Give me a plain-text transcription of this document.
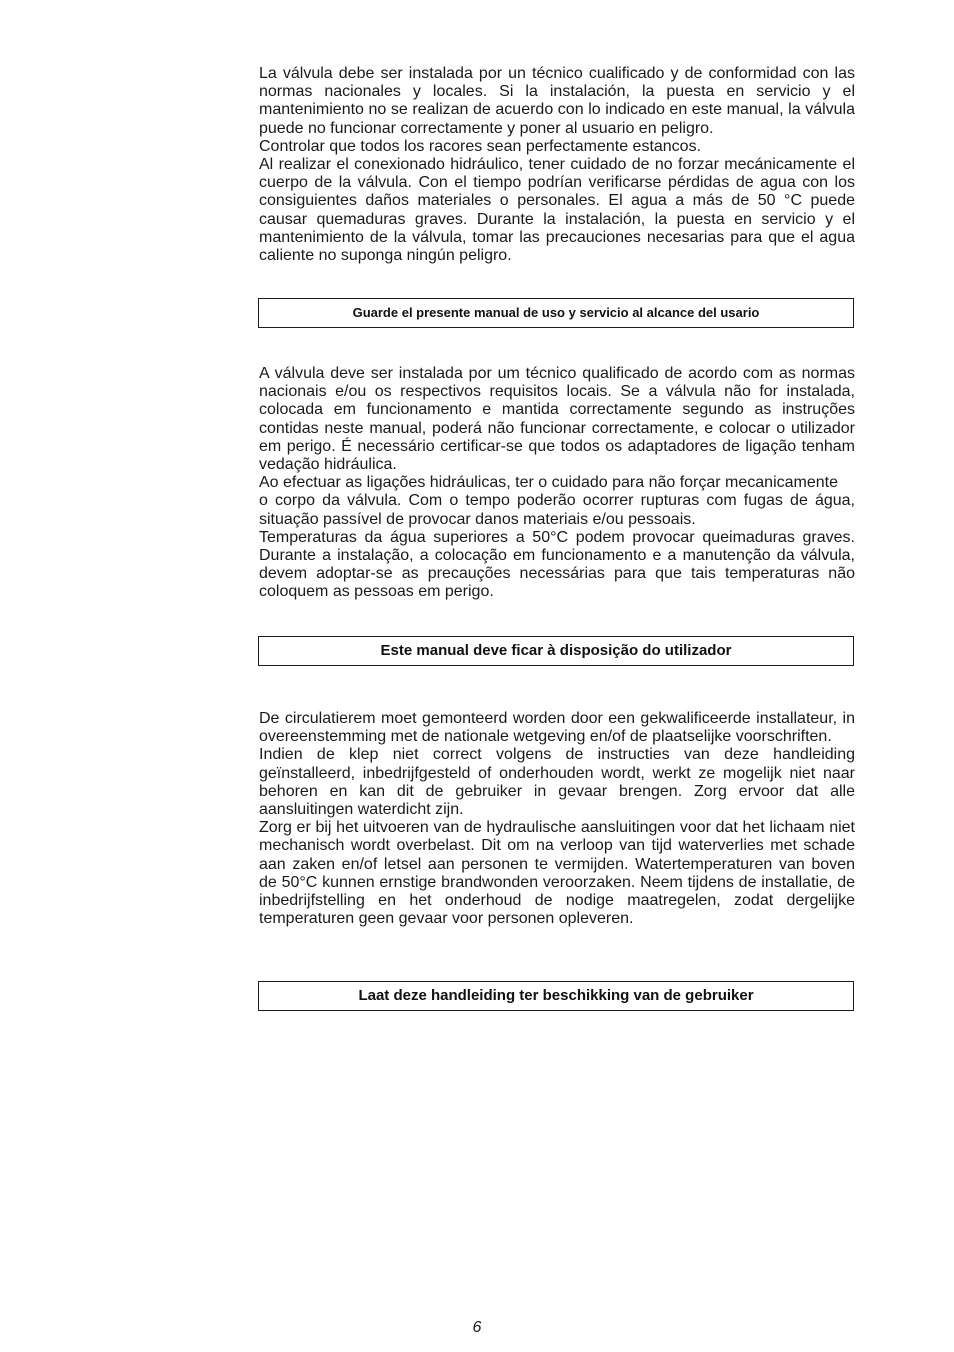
La válvula debe ser instalada por un técnico cualificado y de conformidad con las normas nacionales y locales. Si la instalación, la puesta en servicio y el mantenimiento no se realizan de acuerdo con lo indicado en este manual, la válvula puede no funcionar correctamente y poner al usuario en peligro.

Controlar que todos los racores sean perfectamente estancos.

Al realizar el conexionado hidráulico, tener cuidado de no forzar mecánicamente el cuerpo de la válvula. Con el tiempo podrían verificarse pérdidas de agua con los consiguientes daños materiales o personales. El agua a más de 50 °C puede causar quemaduras graves. Durante la instalación, la puesta en servicio y el mantenimiento de la válvula, tomar las precauciones necesarias para que el agua caliente no suponga ningún peligro.

Guarde el presente manual de uso y servicio al alcance del usario

A válvula deve ser instalada por um técnico qualificado de acordo com as normas nacionais e/ou os respectivos requisitos locais. Se a válvula não for instalada, colocada em funcionamento e mantida correctamente segundo as instruções contidas neste manual, poderá não funcionar correctamente, e colocar o utilizador em perigo. É necessário certificar-se que todos os adaptadores de ligação tenham vedação hidráulica.

Ao efectuar as ligações hidráulicas, ter o cuidado para não forçar mecanicamente

o corpo da válvula. Com o tempo poderão ocorrer rupturas com fugas de água, situação passível de provocar danos materiais e/ou pessoais.

Temperaturas da água superiores a 50°C podem provocar queimaduras graves. Durante a instalação, a colocação em funcionamento e a manutenção da válvula, devem adoptar-se as precauções necessárias para que tais temperaturas não coloquem as pessoas em perigo.

Este manual deve ficar à disposição do utilizador

De circulatierem moet gemonteerd worden door een gekwalificeerde installateur, in overeenstemming met de nationale wetgeving en/of de plaatselijke voorschriften.

Indien de klep niet correct volgens de instructies van deze handleiding geïnstalleerd, inbedrijfgesteld of onderhouden wordt, werkt ze mogelijk niet naar behoren en kan dit de gebruiker in gevaar brengen. Zorg ervoor dat alle aansluitingen waterdicht zijn.

Zorg er bij het uitvoeren van de hydraulische aansluitingen voor dat het lichaam niet mechanisch wordt overbelast. Dit om na verloop van tijd waterverlies met schade aan zaken en/of letsel aan personen te vermijden. Watertemperaturen van boven de 50°C kunnen ernstige brandwonden veroorzaken. Neem tijdens de installatie, de inbedrijfstelling en het onderhoud de nodige maatregelen, zodat dergelijke temperaturen geen gevaar voor personen opleveren.

Laat deze handleiding ter beschikking van de gebruiker
6
